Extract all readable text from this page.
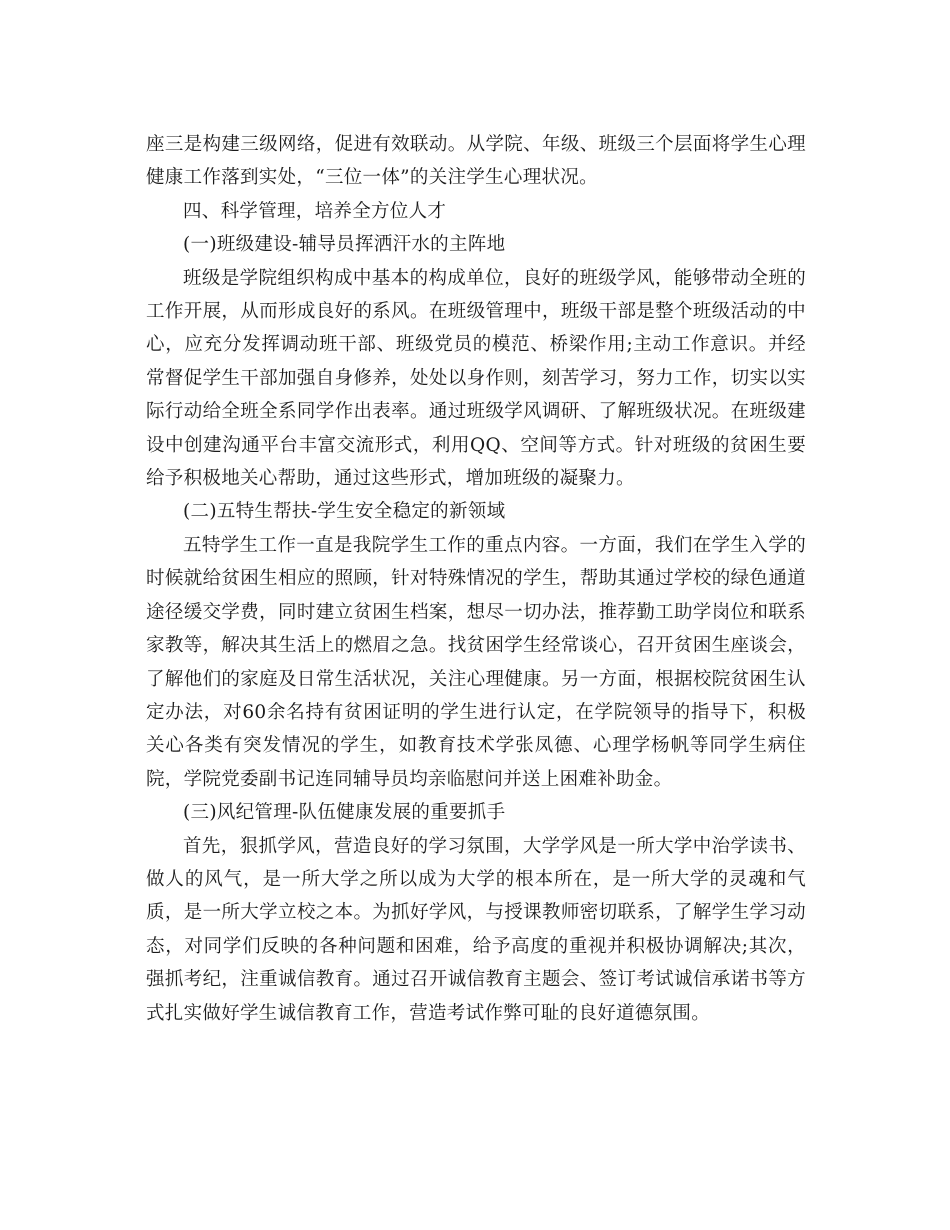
座三是构建三级网络，促进有效联动。从学院、年级、班级三个层面将学生心理健康工作落到实处，“三位一体”的关注学生心理状况。

四、科学管理，培养全方位人才

(一)班级建设-辅导员挥洒汗水的主阵地

班级是学院组织构成中基本的构成单位，良好的班级学风，能够带动全班的工作开展，从而形成良好的系风。在班级管理中，班级干部是整个班级活动的中心，应充分发挥调动班干部、班级党员的模范、桥梁作用;主动工作意识。并经常督促学生干部加强自身修养，处处以身作则，刻苦学习，努力工作，切实以实际行动给全班全系同学作出表率。通过班级学风调研、了解班级状况。在班级建设中创建沟通平台丰富交流形式，利用QQ、空间等方式。针对班级的贫困生要给予积极地关心帮助，通过这些形式，增加班级的凝聚力。

(二)五特生帮扶-学生安全稳定的新领域

五特学生工作一直是我院学生工作的重点内容。一方面，我们在学生入学的时候就给贫困生相应的照顾，针对特殊情况的学生，帮助其通过学校的绿色通道途径缓交学费，同时建立贫困生档案，想尽一切办法，推荐勤工助学岗位和联系家教等，解决其生活上的燃眉之急。找贫困学生经常谈心，召开贫困生座谈会，了解他们的家庭及日常生活状况，关注心理健康。另一方面，根据校院贫困生认定办法，对60余名持有贫困证明的学生进行认定，在学院领导的指导下，积极关心各类有突发情况的学生，如教育技术学张凤德、心理学杨帆等同学生病住院，学院党委副书记连同辅导员均亲临慰问并送上困难补助金。

(三)风纪管理-队伍健康发展的重要抓手

首先，狠抓学风，营造良好的学习氛围，大学学风是一所大学中治学读书、做人的风气，是一所大学之所以成为大学的根本所在，是一所大学的灵魂和气质，是一所大学立校之本。为抓好学风，与授课教师密切联系，了解学生学习动态，对同学们反映的各种问题和困难，给予高度的重视并积极协调解决;其次，强抓考纪，注重诚信教育。通过召开诚信教育主题会、签订考试诚信承诺书等方式扎实做好学生诚信教育工作，营造考试作弊可耻的良好道德氛围。
